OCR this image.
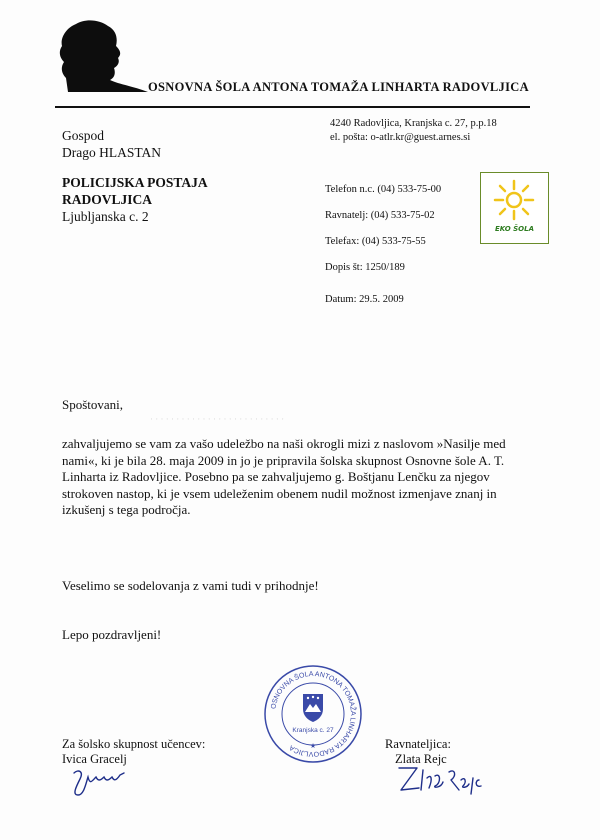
OSNOVNA ŠOLA ANTONA TOMAŽA LINHARTA RADOVLJICA
4240 Radovljica, Kranjska c. 27, p.p.18
el. pošta: o-atlr.kr@guest.arnes.si
Gospod
Drago HLASTAN
POLICIJSKA POSTAJA
RADOVLJICA
Ljubljanska c. 2
Telefon n.c. (04) 533-75-00
Ravnatelj: (04) 533-75-02
Telefax: (04) 533-75-55
Dopis št: 1250/189
Datum: 29.5. 2009
EKO ŠOLA
Spoštovani,
· · · · · · · · · · · · · · · · · · · · · · · · · ·
zahvaljujemo se vam za vašo udeležbo na naši okrogli mizi z naslovom »Nasilje med nami«, ki je bila 28. maja 2009 in jo je pripravila šolska skupnost Osnovne šole A. T. Linharta iz Radovljice. Posebno pa se zahvaljujemo g. Boštjanu Lenčku za njegov strokoven nastop, ki je vsem udeleženim obenem nudil možnost izmenjave znanj in izkušenj s tega področja.
Veselimo se sodelovanja z vami tudi v prihodnje!
Lepo pozdravljeni!
OSNOVNA ŠOLA ANTONA TOMAŽA LINHARTA RADOVLJICA
Kranjska c. 27
★
Za šolsko skupnost učencev:
Ivica Gracelj
Ravnateljica:
Zlata Rejc
